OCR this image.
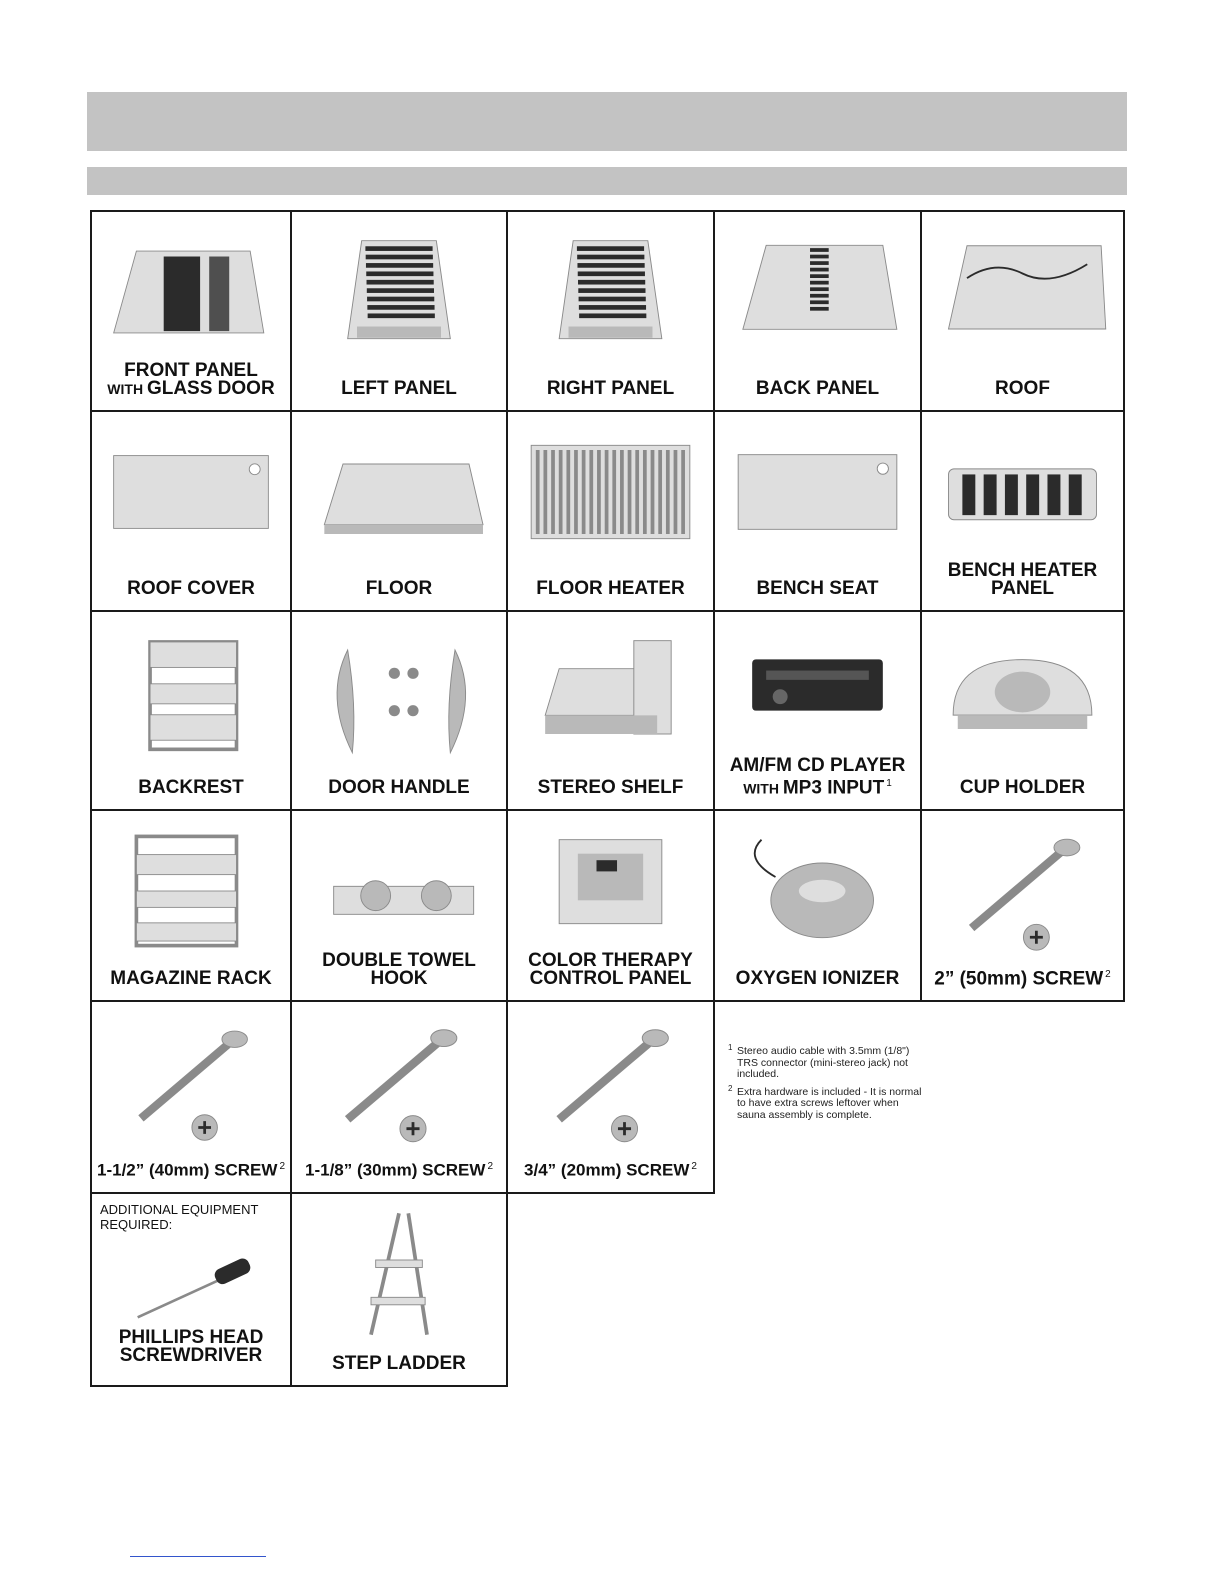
FRONT PANEL
WITH GLASS DOOR	LEFT PANEL	RIGHT PANEL	BACK PANEL	ROOF
ROOF COVER	FLOOR	FLOOR HEATER	BENCH SEAT
BENCH HEATER
PANEL
BACKREST	DOOR HANDLE	STEREO SHELF
AM/FM CD PLAYER
WITH MP3 INPUT $^1$	CUP HOLDER
MAGAZINE RACK
DOUBLE TOWEL
HOOK
COLOR THERAPY
CONTROL PANEL	OXYGEN IONIZER	2” (50mm) SCREW $^2$
1-1/2” (40mm) SCREW $^2$	1-1/8” (30mm) SCREW $^2$	3/4” (20mm) SCREW $^2$
ADDITIONAL EQUIPMENT
REQUIRED:
PHILLIPS HEAD
SCREWDRIVER	STEP LADDER
1 Stereo audio cable with 3.5mm (1/8") TRS connector (mini-stereo jack) not included.
2 Extra hardware is included - It is normal to have extra screws leftover when sauna assembly is complete.
